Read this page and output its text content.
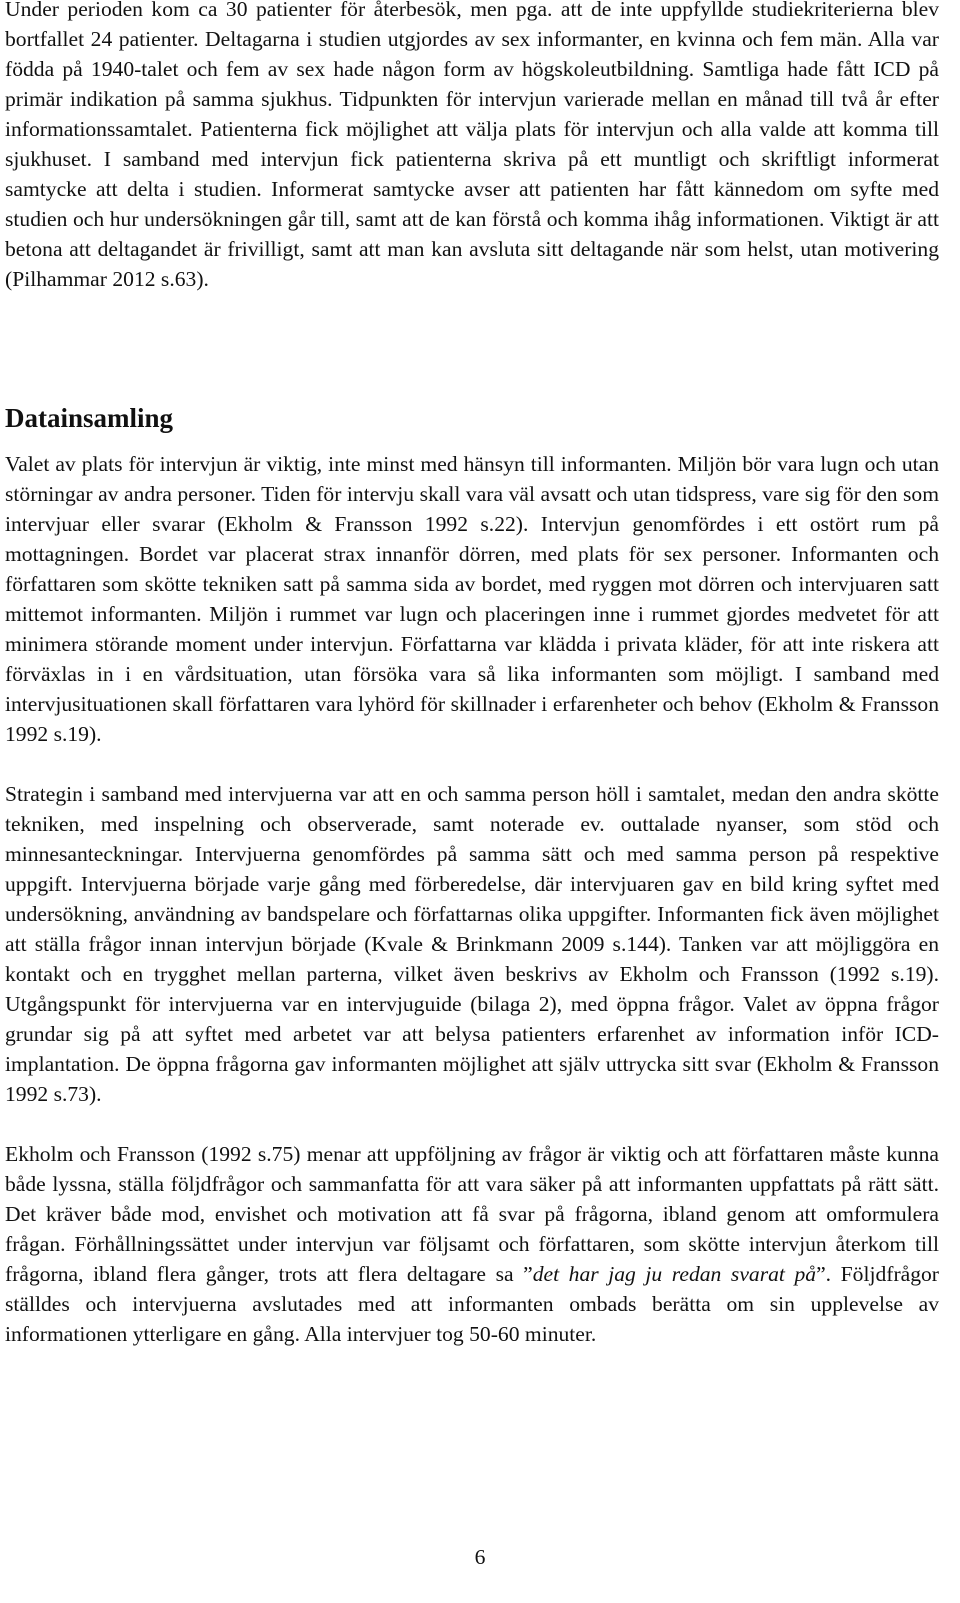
Under perioden kom ca 30 patienter för återbesök, men pga. att de inte uppfyllde studiekriterierna blev bortfallet 24 patienter. Deltagarna i studien utgjordes av sex informanter, en kvinna och fem män. Alla var födda på 1940-talet och fem av sex hade någon form av högskoleutbildning. Samtliga hade fått ICD på primär indikation på samma sjukhus. Tidpunkten för intervjun varierade mellan en månad till två år efter informationssamtalet. Patienterna fick möjlighet att välja plats för intervjun och alla valde att komma till sjukhuset. I samband med intervjun fick patienterna skriva på ett muntligt och skriftligt informerat samtycke att delta i studien. Informerat samtycke avser att patienten har fått kännedom om syfte med studien och hur undersökningen går till, samt att de kan förstå och komma ihåg informationen. Viktigt är att betona att deltagandet är frivilligt, samt att man kan avsluta sitt deltagande när som helst, utan motivering (Pilhammar 2012 s.63).

Datainsamling

Valet av plats för intervjun är viktig, inte minst med hänsyn till informanten. Miljön bör vara lugn och utan störningar av andra personer. Tiden för intervju skall vara väl avsatt och utan tidspress, vare sig för den som intervjuar eller svarar (Ekholm & Fransson 1992 s.22). Intervjun genomfördes i ett ostört rum på mottagningen. Bordet var placerat strax innanför dörren, med plats för sex personer. Informanten och författaren som skötte tekniken satt på samma sida av bordet, med ryggen mot dörren och intervjuaren satt mittemot informanten. Miljön i rummet var lugn och placeringen inne i rummet gjordes medvetet för att minimera störande moment under intervjun. Författarna var klädda i privata kläder, för att inte riskera att förväxlas in i en vårdsituation, utan försöka vara så lika informanten som möjligt. I samband med intervjusituationen skall författaren vara lyhörd för skillnader i erfarenheter och behov (Ekholm & Fransson 1992 s.19).

Strategin i samband med intervjuerna var att en och samma person höll i samtalet, medan den andra skötte tekniken, med inspelning och observerade, samt noterade ev. outtalade nyanser, som stöd och minnesanteckningar. Intervjuerna genomfördes på samma sätt och med samma person på respektive uppgift. Intervjuerna började varje gång med förberedelse, där intervjuaren gav en bild kring syftet med undersökning, användning av bandspelare och författarnas olika uppgifter. Informanten fick även möjlighet att ställa frågor innan intervjun började (Kvale & Brinkmann 2009 s.144). Tanken var att möjliggöra en kontakt och en trygghet mellan parterna, vilket även beskrivs av Ekholm och Fransson (1992 s.19). Utgångspunkt för intervjuerna var en intervjuguide (bilaga 2), med öppna frågor. Valet av öppna frågor grundar sig på att syftet med arbetet var att belysa patienters erfarenhet av information inför ICD-implantation. De öppna frågorna gav informanten möjlighet att själv uttrycka sitt svar (Ekholm & Fransson 1992 s.73).

Ekholm och Fransson (1992 s.75) menar att uppföljning av frågor är viktig och att författaren måste kunna både lyssna, ställa följdfrågor och sammanfatta för att vara säker på att informanten uppfattats på rätt sätt. Det kräver både mod, envishet och motivation att få svar på frågorna, ibland genom att omformulera frågan. Förhållningssättet under intervjun var följsamt och författaren, som skötte intervjun återkom till frågorna, ibland flera gånger, trots att flera deltagare sa ”det har jag ju redan svarat på”. Följdfrågor ställdes och intervjuerna avslutades med att informanten ombads berätta om sin upplevelse av informationen ytterligare en gång. Alla intervjuer tog 50-60 minuter.

6
